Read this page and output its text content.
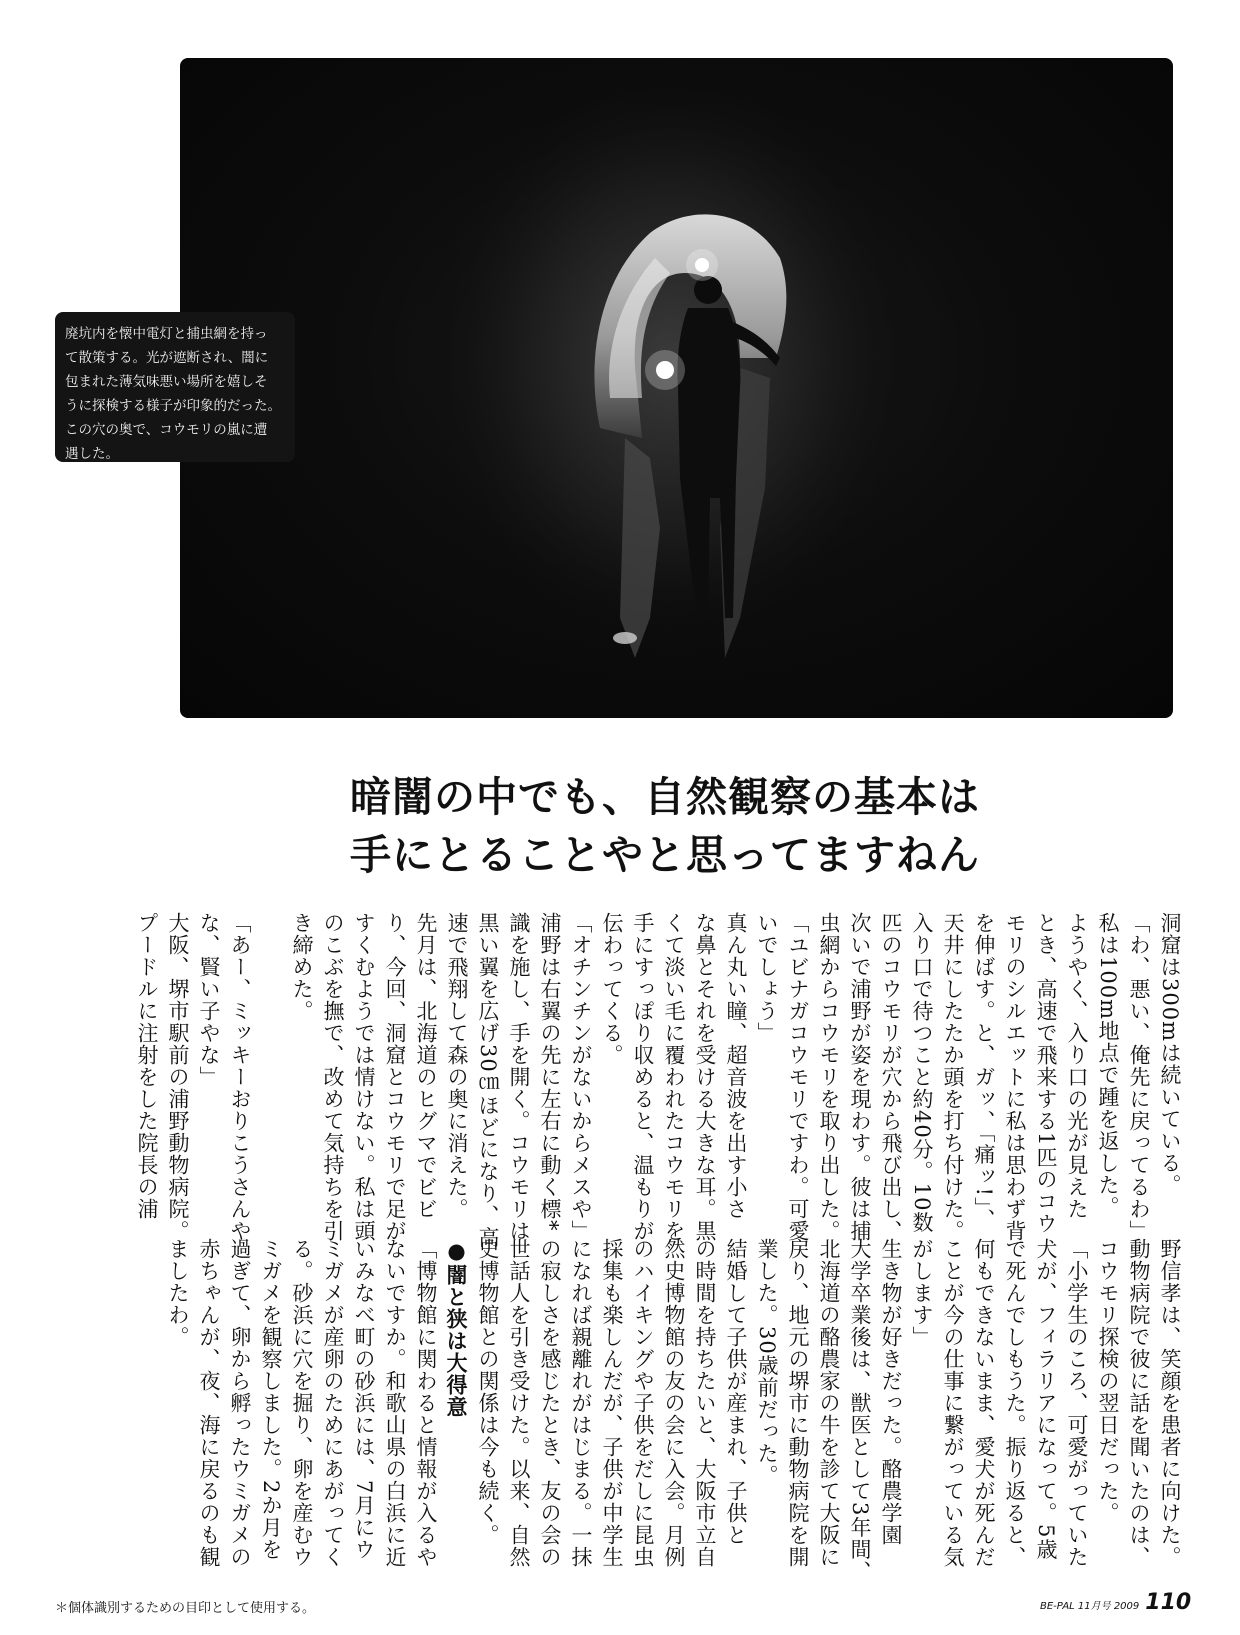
廃坑内を懐中電灯と捕虫網を持っ
て散策する。光が遮断され、闇に
包まれた薄気味悪い場所を嬉しそ
うに探検する様子が印象的だった。
この穴の奥で、コウモリの嵐に遭
遇した。
暗闇の中でも、自然観察の基本は
手にとることやと思ってますねん
洞窟は300mは続いている。
「わ、悪い、俺先に戻ってるわ」
私は100m地点で踵を返した。
ようやく、入り口の光が見えた
とき、高速で飛来する1匹のコウ
モリのシルエットに私は思わず背
を伸ばす。と、ガッ、「痛ッ!」、
天井にしたたか頭を打ち付けた。
入り口で待つこと約40分。10数
匹のコウモリが穴から飛び出し、
次いで浦野が姿を現わす。彼は捕
虫網からコウモリを取り出した。
「ユビナガコウモリですわ。可愛
いでしょう」
真ん丸い瞳、超音波を出す小さ
な鼻とそれを受ける大きな耳。黒
くて淡い毛に覆われたコウモリを
手にすっぽり収めると、温もりが
伝わってくる。
「オチンチンがないからメスや」
浦野は右翼の先に左右に動く標*
識を施し、手を開く。コウモリは
黒い翼を広げ30㎝ほどになり、高
速で飛翔して森の奥に消えた。
先月は、北海道のヒグマでビビ
り、今回、洞窟とコウモリで足が
すくむようでは情けない。私は頭
のこぶを撫で、改めて気持ちを引
き締めた。

「あー、ミッキーおりこうさんや
な、賢い子やな」
大阪、堺市駅前の浦野動物病院。
プードルに注射をした院長の浦
野信孝は、笑顔を患者に向けた。
動物病院で彼に話を聞いたのは、
コウモリ探検の翌日だった。
「小学生のころ、可愛がっていた
犬が、フィラリアになって。5歳
で死んでしもうた。振り返ると、
何もできないまま、愛犬が死んだ
ことが今の仕事に繋がっている気
がします」
生き物が好きだった。酪農学園
大学卒業後は、獣医として3年間、
北海道の酪農家の牛を診て大阪に
戻り、地元の堺市に動物病院を開
業した。30歳前だった。
結婚して子供が産まれ、子供と
の時間を持ちたいと、大阪市立自
然史博物館の友の会に入会。月例
のハイキングや子供をだしに昆虫
採集も楽しんだが、子供が中学生
になれば親離れがはじまる。一抹
の寂しさを感じたとき、友の会の
世話人を引き受けた。以来、自然
史博物館との関係は今も続く。
●闇と狭は大得意
「博物館に関わると情報が入るや
ないですか。和歌山県の白浜に近
いみなべ町の砂浜には、7月にウ
ミガメが産卵のためにあがってく
る。砂浜に穴を掘り、卵を産むウ
ミガメを観察しました。2か月を
過ぎて、卵から孵ったウミガメの
赤ちゃんが、夜、海に戻るのも観
ましたわ。
＊個体識別するための目印として使用する。	BE-PAL 11月号 2009 110
